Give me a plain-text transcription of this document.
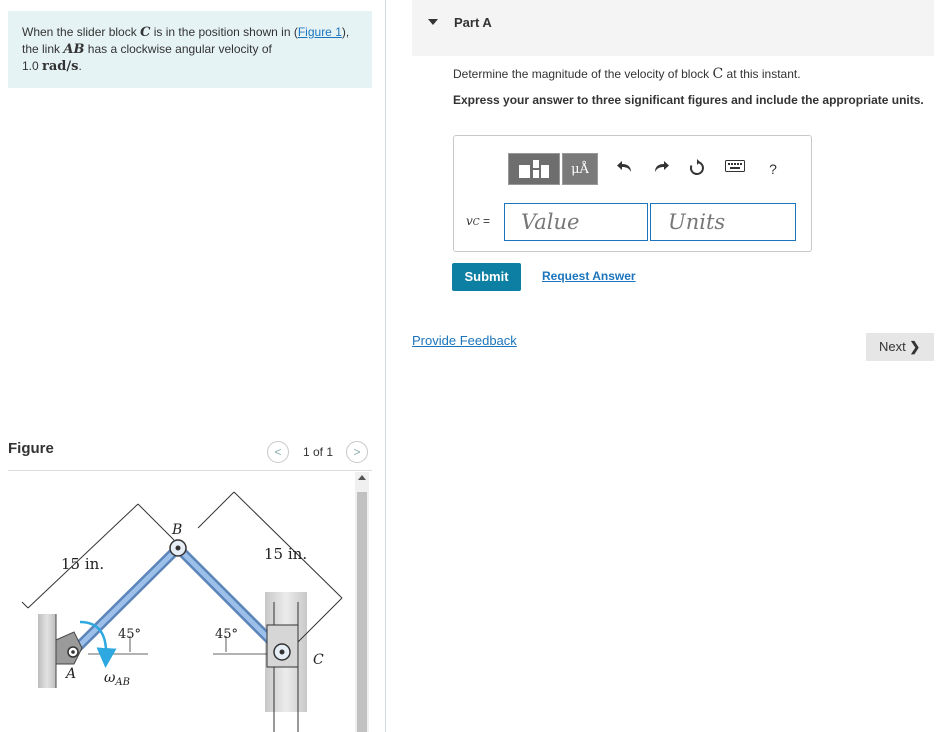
When the slider block C is in the position shown in (Figure 1), the link AB has a clockwise angular velocity of
1.0 rad/s.
Figure	<	1 of 1	>
B
A
C
15 in.
15 in.
45°	45°
$\omega_{AB}$
Part A
Determine the magnitude of the velocity of block C at this instant.
Express your answer to three significant figures and include the appropriate units.
μÅ	?
vC =	Value	Units
Submit	Request Answer
Provide Feedback	Next ❯
